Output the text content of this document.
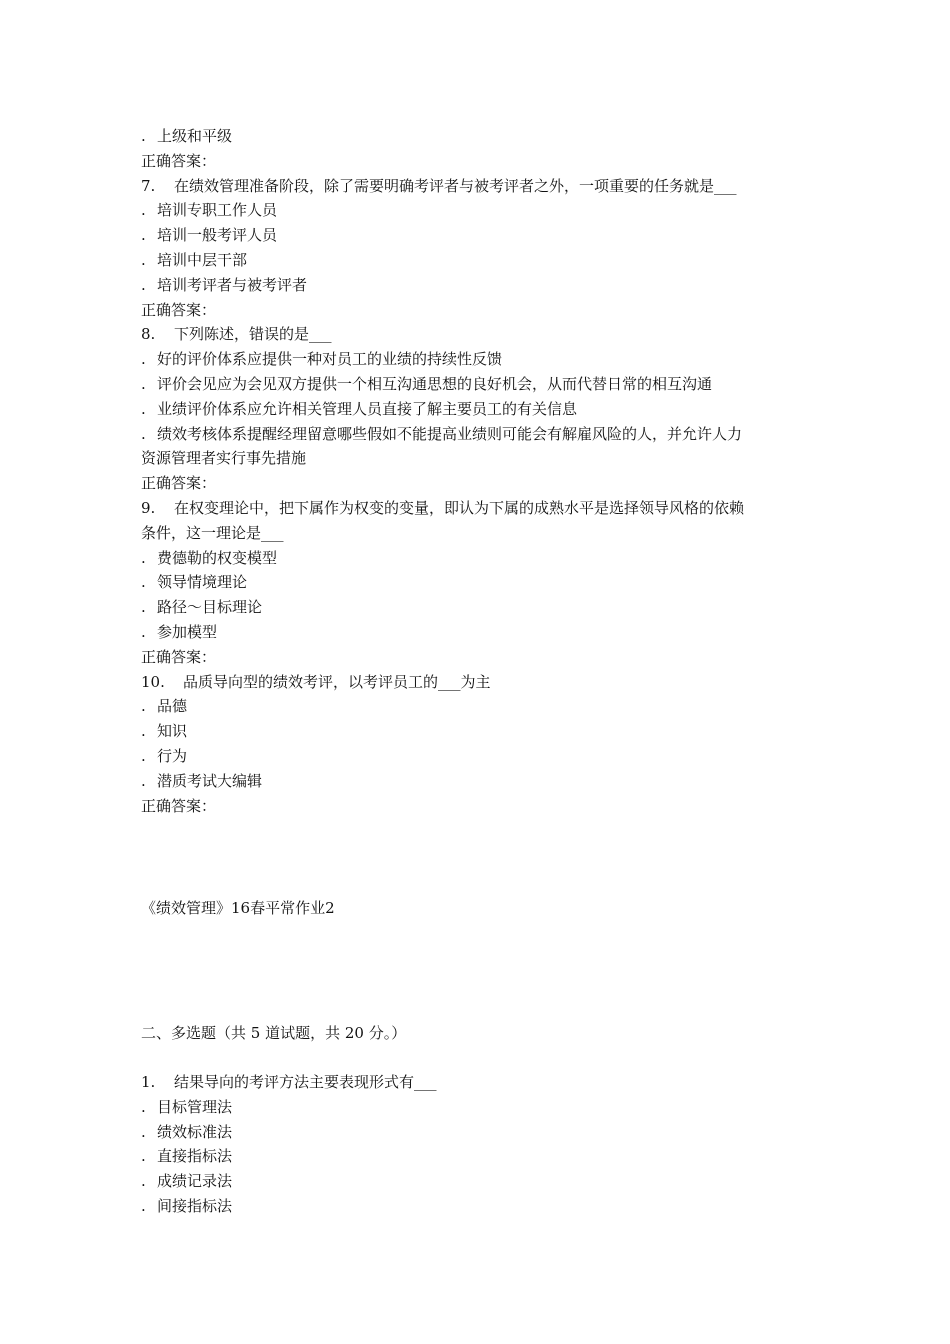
. 上级和平级
正确答案：
7. 在绩效管理准备阶段，除了需要明确考评者与被考评者之外，一项重要的任务就是___
. 培训专职工作人员
. 培训一般考评人员
. 培训中层干部
. 培训考评者与被考评者
正确答案：
8. 下列陈述，错误的是___
. 好的评价体系应提供一种对员工的业绩的持续性反馈
. 评价会见应为会见双方提供一个相互沟通思想的良好机会，从而代替日常的相互沟通
. 业绩评价体系应允许相关管理人员直接了解主要员工的有关信息
. 绩效考核体系提醒经理留意哪些假如不能提高业绩则可能会有解雇风险的人，并允许人力
资源管理者实行事先措施
正确答案：
9. 在权变理论中，把下属作为权变的变量，即认为下属的成熟水平是选择领导风格的依赖
条件，这一理论是___
. 费德勒的权变模型
. 领导情境理论
. 路径～目标理论
. 参加模型
正确答案：
10. 品质导向型的绩效考评，以考评员工的___为主
. 品德
. 知识
. 行为
. 潜质考试大编辑
正确答案：
《绩效管理》16春平常作业2
二、多选题（共 5 道试题，共 20 分。）
1. 结果导向的考评方法主要表现形式有___
. 目标管理法
. 绩效标准法
. 直接指标法
. 成绩记录法
. 间接指标法
